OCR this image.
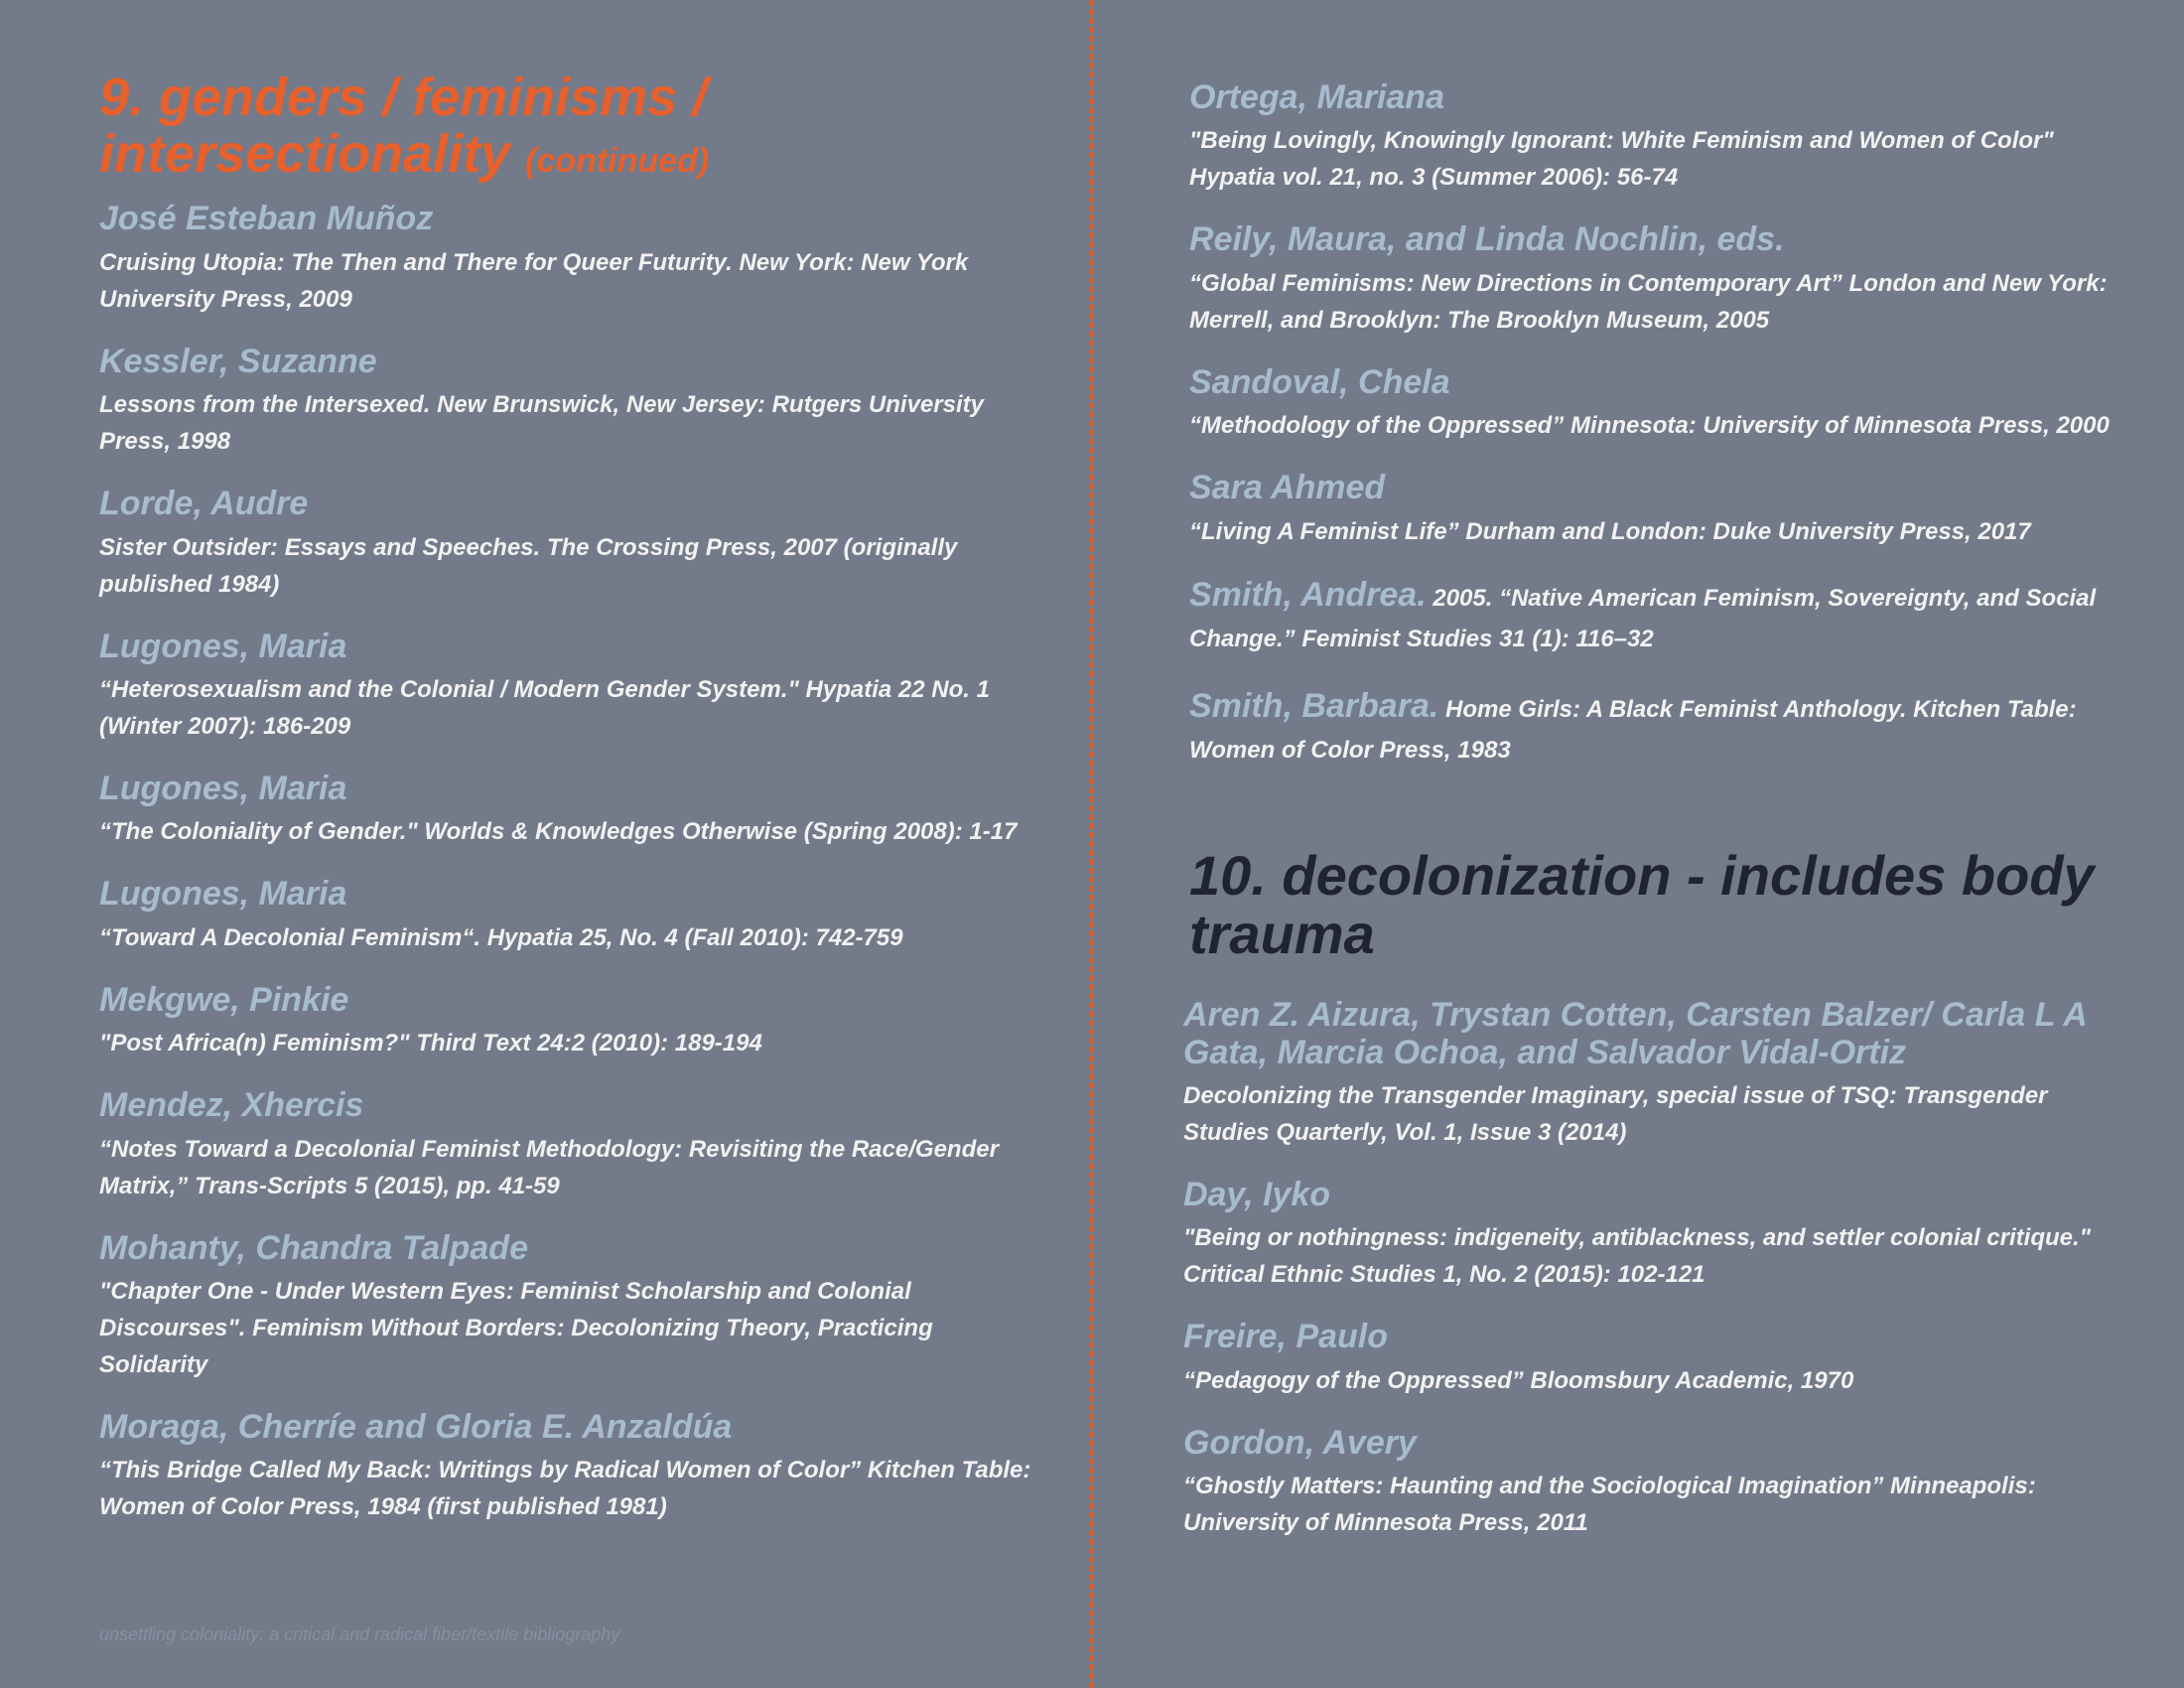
9. genders / feminisms / intersectionality (continued)

José Esteban Muñoz

Cruising Utopia: The Then and There for Queer Futurity. New York: New York University Press, 2009

Kessler, Suzanne

Lessons from the Intersexed. New Brunswick, New Jersey: Rutgers University Press, 1998

Lorde, Audre

Sister Outsider: Essays and Speeches. The Crossing Press, 2007 (originally published 1984)

Lugones, Maria

“Heterosexualism and the Colonial / Modern Gender System." Hypatia 22 No. 1 (Winter 2007): 186-209

Lugones, Maria

“The Coloniality of Gender." Worlds & Knowledges Otherwise (Spring 2008): 1-17

Lugones, Maria

“Toward A Decolonial Feminism“. Hypatia 25, No. 4 (Fall 2010): 742-759

Mekgwe, Pinkie

"Post Africa(n) Feminism?" Third Text 24:2 (2010): 189-194

Mendez, Xhercis

“Notes Toward a Decolonial Feminist Methodology: Revisiting the Race/Gender Matrix,” Trans-Scripts 5 (2015), pp. 41-59

Mohanty, Chandra Talpade

"Chapter One - Under Western Eyes: Feminist Scholarship and Colonial Discourses". Feminism Without Borders: Decolonizing Theory, Practicing Solidarity

Moraga, Cherríe and Gloria E. Anzaldúa

“This Bridge Called My Back: Writings by Radical Women of Color” Kitchen Table: Women of Color Press, 1984 (first published 1981)

Ortega, Mariana

"Being Lovingly, Knowingly Ignorant: White Feminism and Women of Color" Hypatia vol. 21, no. 3 (Summer 2006): 56-74

Reily, Maura, and Linda Nochlin, eds.

“Global Feminisms: New Directions in Contemporary Art” London and New York: Merrell, and Brooklyn: The Brooklyn Museum, 2005

Sandoval, Chela

“Methodology of the Oppressed” Minnesota: University of Minnesota Press, 2000

Sara Ahmed

“Living A Feminist Life” Durham and London: Duke University Press, 2017

Smith, Andrea. 2005. “Native American Feminism, Sovereignty, and Social Change.” Feminist Studies 31 (1): 116–32

Smith, Barbara. Home Girls: A Black Feminist Anthology. Kitchen Table: Women of Color Press, 1983

10. decolonization - includes body trauma

Aren Z. Aizura, Trystan Cotten, Carsten Balzer/ Carla L A Gata, Marcia Ochoa, and Salvador Vidal-Ortiz

Decolonizing the Transgender Imaginary, special issue of TSQ: Transgender Studies Quarterly, Vol. 1, Issue 3 (2014)

Day, Iyko

"Being or nothingness: indigeneity, antiblackness, and settler colonial critique." Critical Ethnic Studies 1, No. 2 (2015): 102-121

Freire, Paulo

“Pedagogy of the Oppressed” Bloomsbury Academic, 1970

Gordon, Avery

“Ghostly Matters: Haunting and the Sociological Imagination” Minneapolis: University of Minnesota Press, 2011

unsettling coloniality: a critical and radical fiber/textile bibliography
